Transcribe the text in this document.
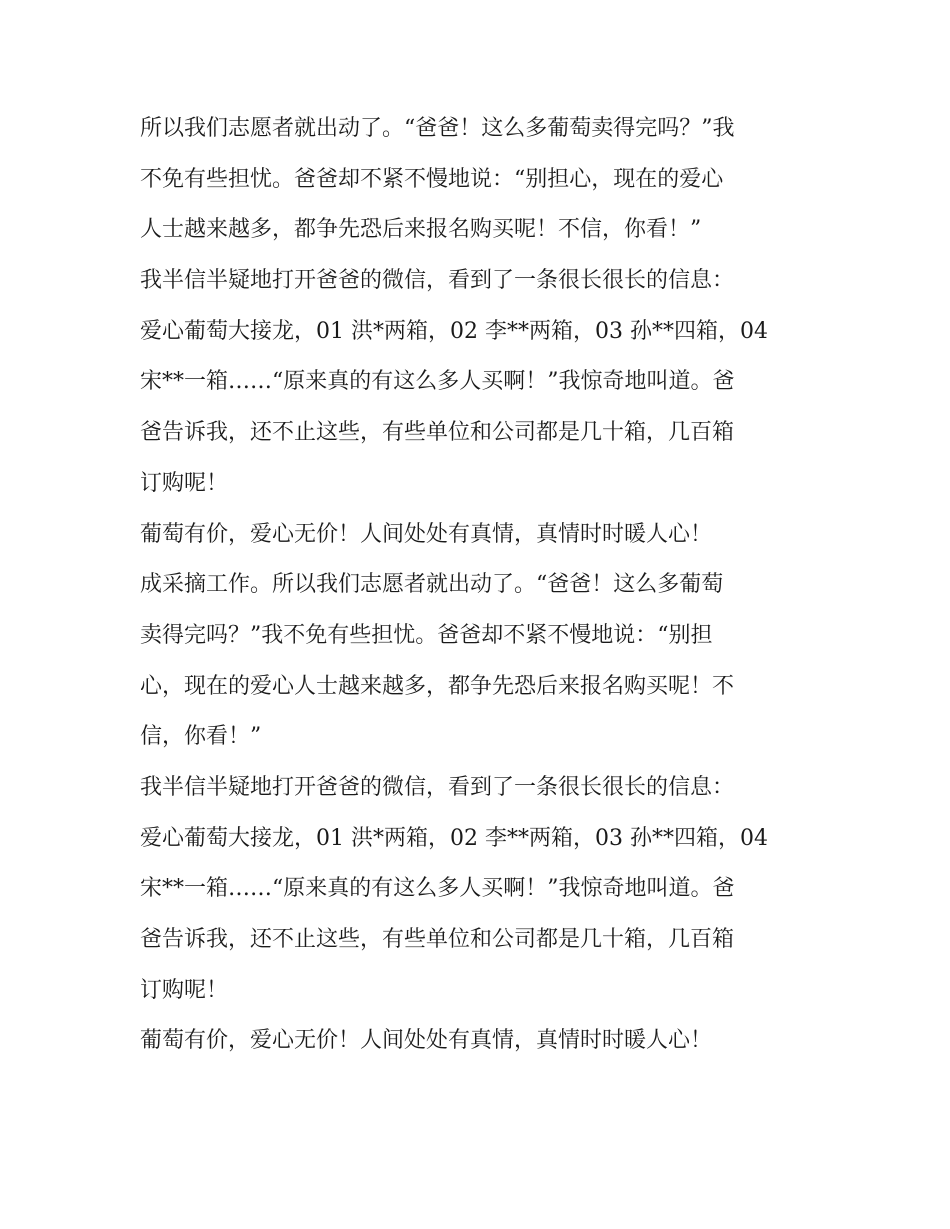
所以我们志愿者就出动了。“爸爸！这么多葡萄卖得完吗？”我
不免有些担忧。爸爸却不紧不慢地说：“别担心，现在的爱心
人士越来越多，都争先恐后来报名购买呢！不信，你看！”
我半信半疑地打开爸爸的微信，看到了一条很长很长的信息：
爱心葡萄大接龙，01 洪*两箱，02 李**两箱，03 孙**四箱，04
宋**一箱……“原来真的有这么多人买啊！”我惊奇地叫道。爸
爸告诉我，还不止这些，有些单位和公司都是几十箱，几百箱
订购呢！
葡萄有价，爱心无价！人间处处有真情，真情时时暖人心！
成采摘工作。所以我们志愿者就出动了。“爸爸！这么多葡萄
卖得完吗？”我不免有些担忧。爸爸却不紧不慢地说：“别担
心，现在的爱心人士越来越多，都争先恐后来报名购买呢！不
信，你看！”
我半信半疑地打开爸爸的微信，看到了一条很长很长的信息：
爱心葡萄大接龙，01 洪*两箱，02 李**两箱，03 孙**四箱，04
宋**一箱……“原来真的有这么多人买啊！”我惊奇地叫道。爸
爸告诉我，还不止这些，有些单位和公司都是几十箱，几百箱
订购呢！
葡萄有价，爱心无价！人间处处有真情，真情时时暖人心！
